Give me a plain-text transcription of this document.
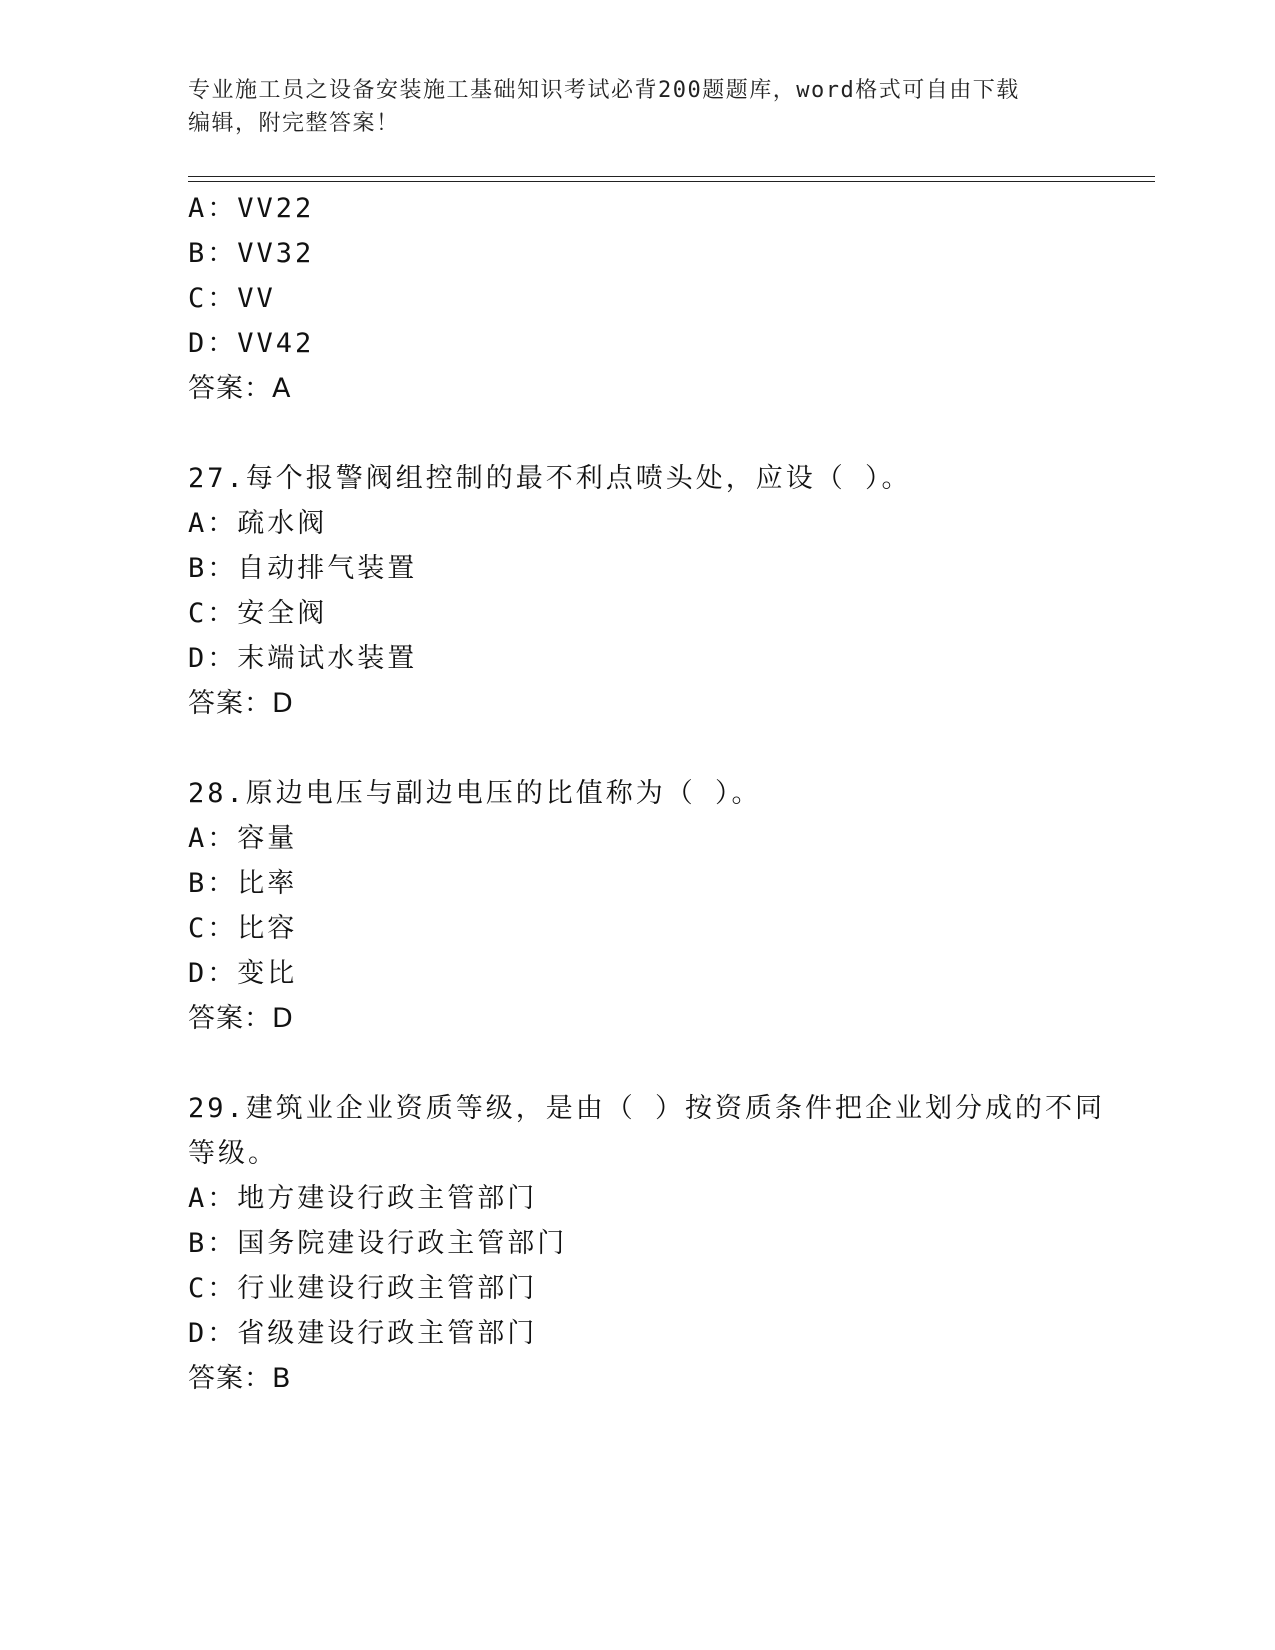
专业施工员之设备安装施工基础知识考试必背200题题库，word格式可自由下载
编辑，附完整答案！
A：VV22
B：VV32
C：VV
D：VV42
答案：A
27.每个报警阀组控制的最不利点喷头处，应设（ ）。
A：疏水阀
B：自动排气装置
C：安全阀
D：末端试水装置
答案：D
28.原边电压与副边电压的比值称为（ ）。
A：容量
B：比率
C：比容
D：变比
答案：D
29.建筑业企业资质等级，是由（ ）按资质条件把企业划分成的不同
等级。
A：地方建设行政主管部门
B：国务院建设行政主管部门
C：行业建设行政主管部门
D：省级建设行政主管部门
答案：B
